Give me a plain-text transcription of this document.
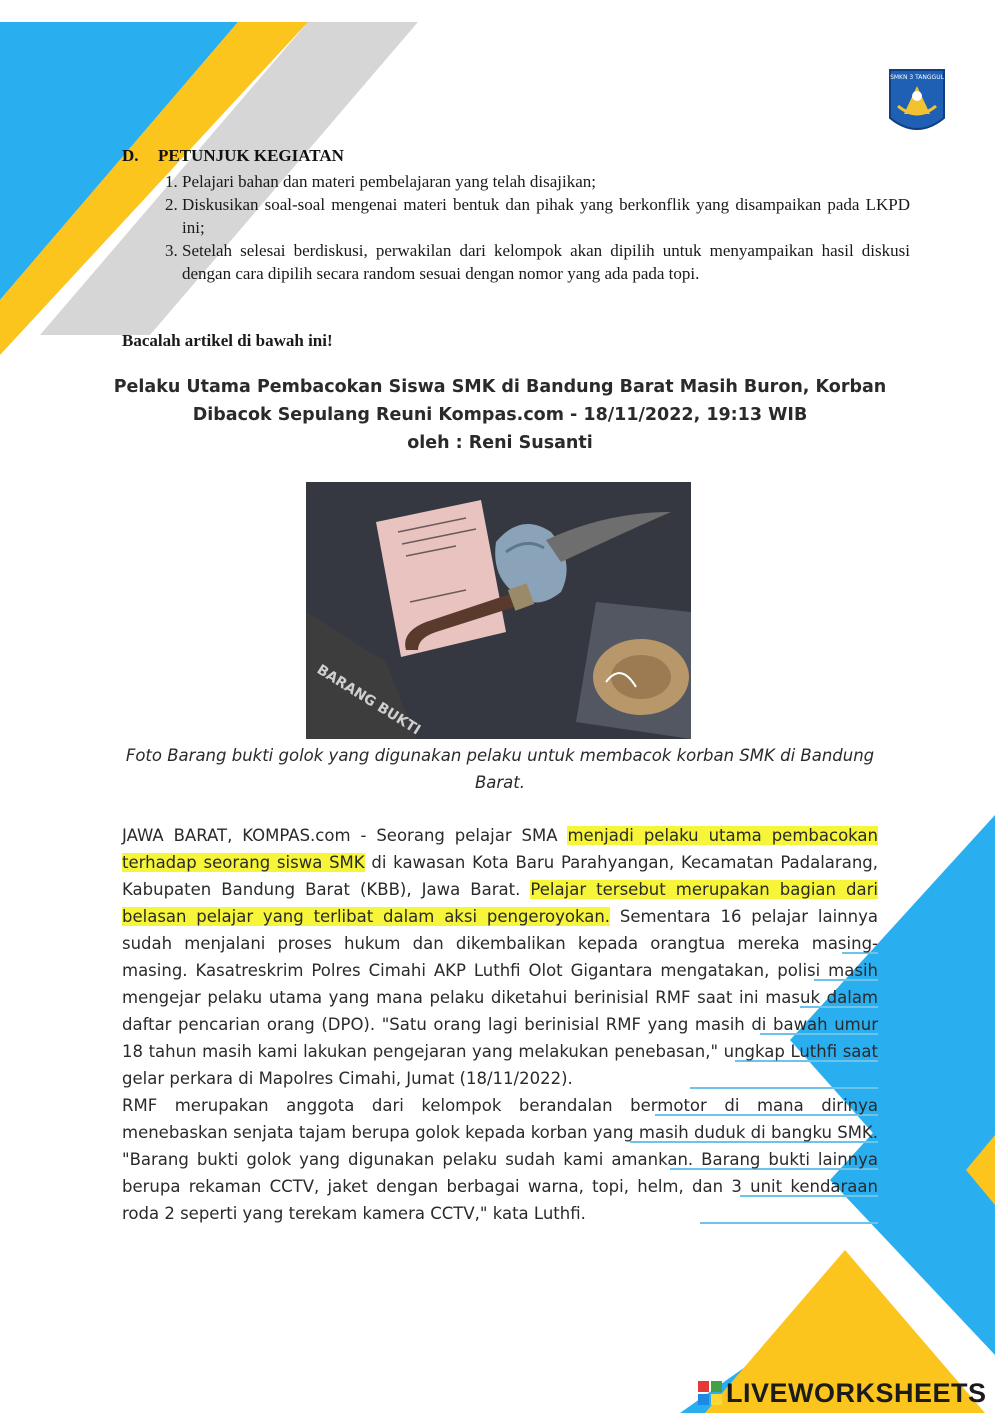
SMKN 3 TANGGUL
D. PETUNJUK KEGIATAN
1. Pelajari bahan dan materi pembelajaran yang telah disajikan;
2. Diskusikan soal-soal mengenai materi bentuk dan pihak yang berkonflik yang disampaikan pada LKPD ini;
3. Setelah selesai berdiskusi, perwakilan dari kelompok akan dipilih untuk menyampaikan hasil diskusi dengan cara dipilih secara random sesuai dengan nomor yang ada pada topi.
Bacalah artikel di bawah ini!
Pelaku Utama Pembacokan Siswa SMK di Bandung Barat Masih Buron, Korban
Dibacok Sepulang Reuni Kompas.com - 18/11/2022, 19:13 WIB
oleh : Reni Susanti
BARANG BUKTI
Foto Barang bukti golok yang digunakan pelaku untuk membacok korban SMK di Bandung Barat.

JAWA BARAT, KOMPAS.com - Seorang pelajar SMA menjadi pelaku utama pembacokan terhadap seorang siswa SMK di kawasan Kota Baru Parahyangan, Kecamatan Padalarang, Kabupaten Bandung Barat (KBB), Jawa Barat. Pelajar tersebut merupakan bagian dari belasan pelajar yang terlibat dalam aksi pengeroyokan. Sementara 16 pelajar lainnya sudah menjalani proses hukum dan dikembalikan kepada orangtua mereka masing-masing. Kasatreskrim Polres Cimahi AKP Luthfi Olot Gigantara mengatakan, polisi masih mengejar pelaku utama yang mana pelaku diketahui berinisial RMF saat ini masuk dalam daftar pencarian orang (DPO). "Satu orang lagi berinisial RMF yang masih di bawah umur 18 tahun masih kami lakukan pengejaran yang melakukan penebasan," ungkap Luthfi saat gelar perkara di Mapolres Cimahi, Jumat (18/11/2022).

RMF merupakan anggota dari kelompok berandalan bermotor di mana dirinya menebaskan senjata tajam berupa golok kepada korban yang masih duduk di bangku SMK. "Barang bukti golok yang digunakan pelaku sudah kami amankan. Barang bukti lainnya berupa rekaman CCTV, jaket dengan berbagai warna, topi, helm, dan 3 unit kendaraan roda 2 seperti yang terekam kamera CCTV," kata Luthfi.

LIVEWORKSHEETS
